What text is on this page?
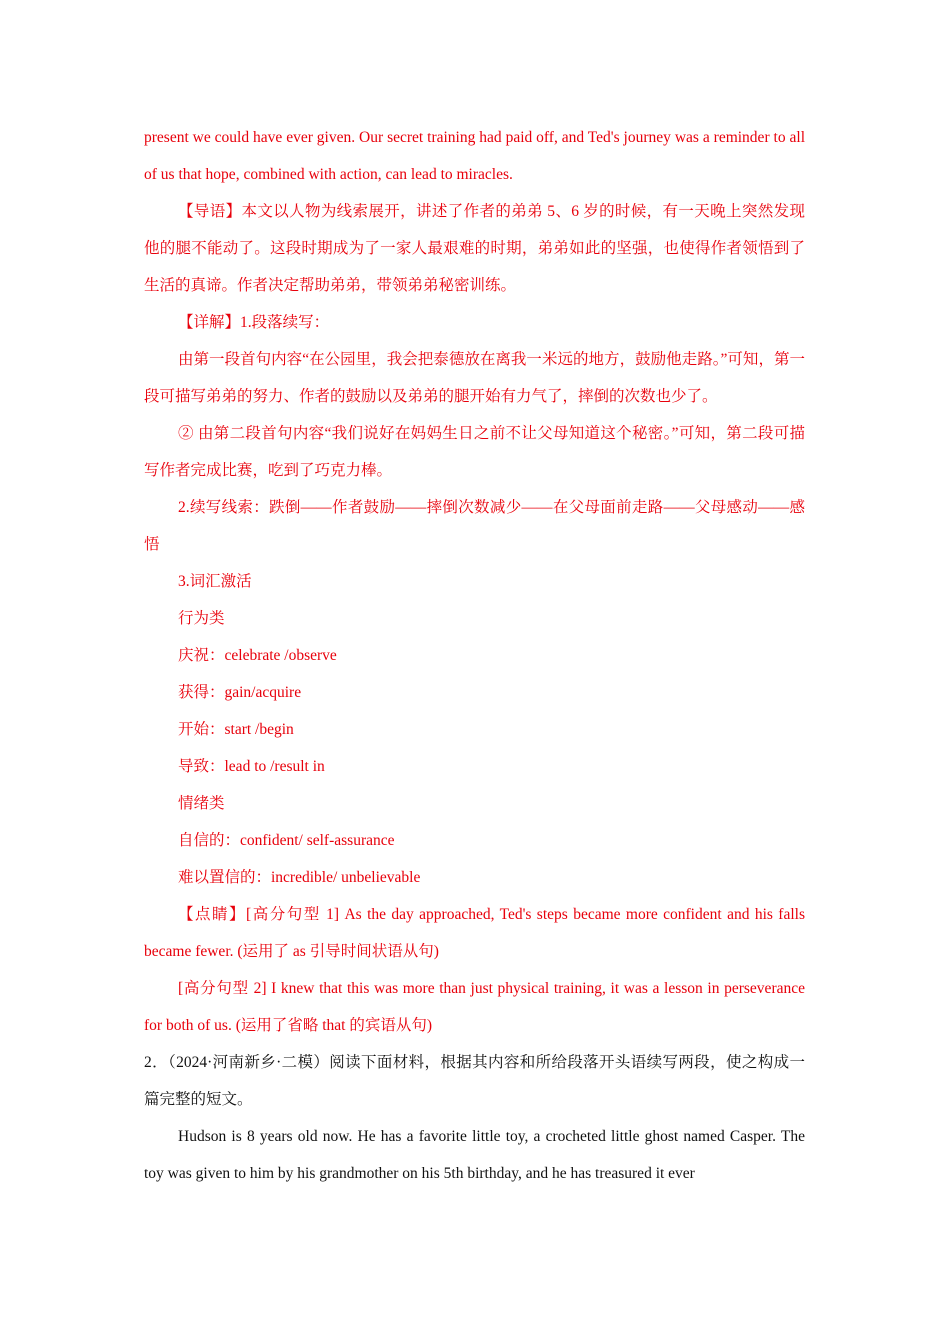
present we could have ever given. Our secret training had paid off, and Ted's journey was a reminder to all of us that hope, combined with action, can lead to miracles.

【导语】本文以人物为线索展开，讲述了作者的弟弟 5、6 岁的时候，有一天晚上突然发现他的腿不能动了。这段时期成为了一家人最艰难的时期，弟弟如此的坚强，也使得作者领悟到了生活的真谛。作者决定帮助弟弟，带领弟弟秘密训练。

【详解】1.段落续写：

由第一段首句内容“在公园里，我会把泰德放在离我一米远的地方，鼓励他走路。”可知，第一段可描写弟弟的努力、作者的鼓励以及弟弟的腿开始有力气了，摔倒的次数也少了。

② 由第二段首句内容“我们说好在妈妈生日之前不让父母知道这个秘密。”可知，第二段可描写作者完成比赛，吃到了巧克力棒。

2.续写线索：跌倒——作者鼓励——摔倒次数减少——在父母面前走路——父母感动——感悟

3.词汇激活

行为类

庆祝：celebrate /observe

获得：gain/acquire

开始：start /begin

导致：lead to /result in

情绪类

自信的：confident/ self-assurance

难以置信的：incredible/ unbelievable

【点睛】[高分句型 1] As the day approached, Ted's steps became more confident and his falls became fewer. (运用了 as 引导时间状语从句)

[高分句型 2] I knew that this was more than just physical training, it was a lesson in perseverance for both of us. (运用了省略 that 的宾语从句)

2．（2024·河南新乡·二模）阅读下面材料，根据其内容和所给段落开头语续写两段，使之构成一篇完整的短文。

Hudson is 8 years old now. He has a favorite little toy, a crocheted little ghost named Casper. The toy was given to him by his grandmother on his 5th birthday, and he has treasured it ever
